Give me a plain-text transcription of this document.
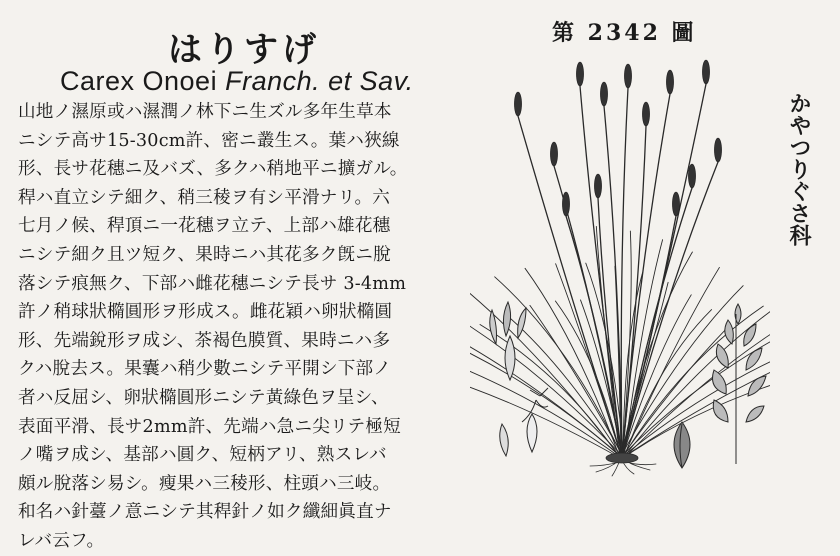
はりすげ
Carex Onoei Franch. et Sav.
山地ノ濕原或ハ濕潤ノ林下ニ生ズル多年生草本
ニシテ高サ15-30cm許、密ニ叢生ス。葉ハ狹線
形、長サ花穗ニ及バズ、多クハ稍地平ニ擴ガル。
稈ハ直立シテ細ク、稍三稜ヲ有シ平滑ナリ。六
七月ノ候、稈頂ニ一花穗ヲ立テ、上部ハ雄花穗
ニシテ細ク且ツ短ク、果時ニハ其花多ク旣ニ脫
落シテ痕無ク、下部ハ雌花穗ニシテ長サ 3-4mm
許ノ稍球狀橢圓形ヲ形成ス。雌花穎ハ卵狀橢圓
形、先端銳形ヲ成シ、茶褐色膜質、果時ニハ多
クハ脫去ス。果囊ハ稍少數ニシテ平開シ下部ノ
者ハ反屈シ、卵狀橢圓形ニシテ黃綠色ヲ呈シ、
表面平滑、長サ2mm許、先端ハ急ニ尖リテ極短
ノ嘴ヲ成シ、基部ハ圓ク、短柄アリ、熟スレバ
頗ル脫落シ易シ。瘦果ハ三稜形、柱頭ハ三岐。
和名ハ針薹ノ意ニシテ其稈針ノ如ク纖細眞直ナ
レバ云フ。
第 2342 圖
かやつりぐさ科
